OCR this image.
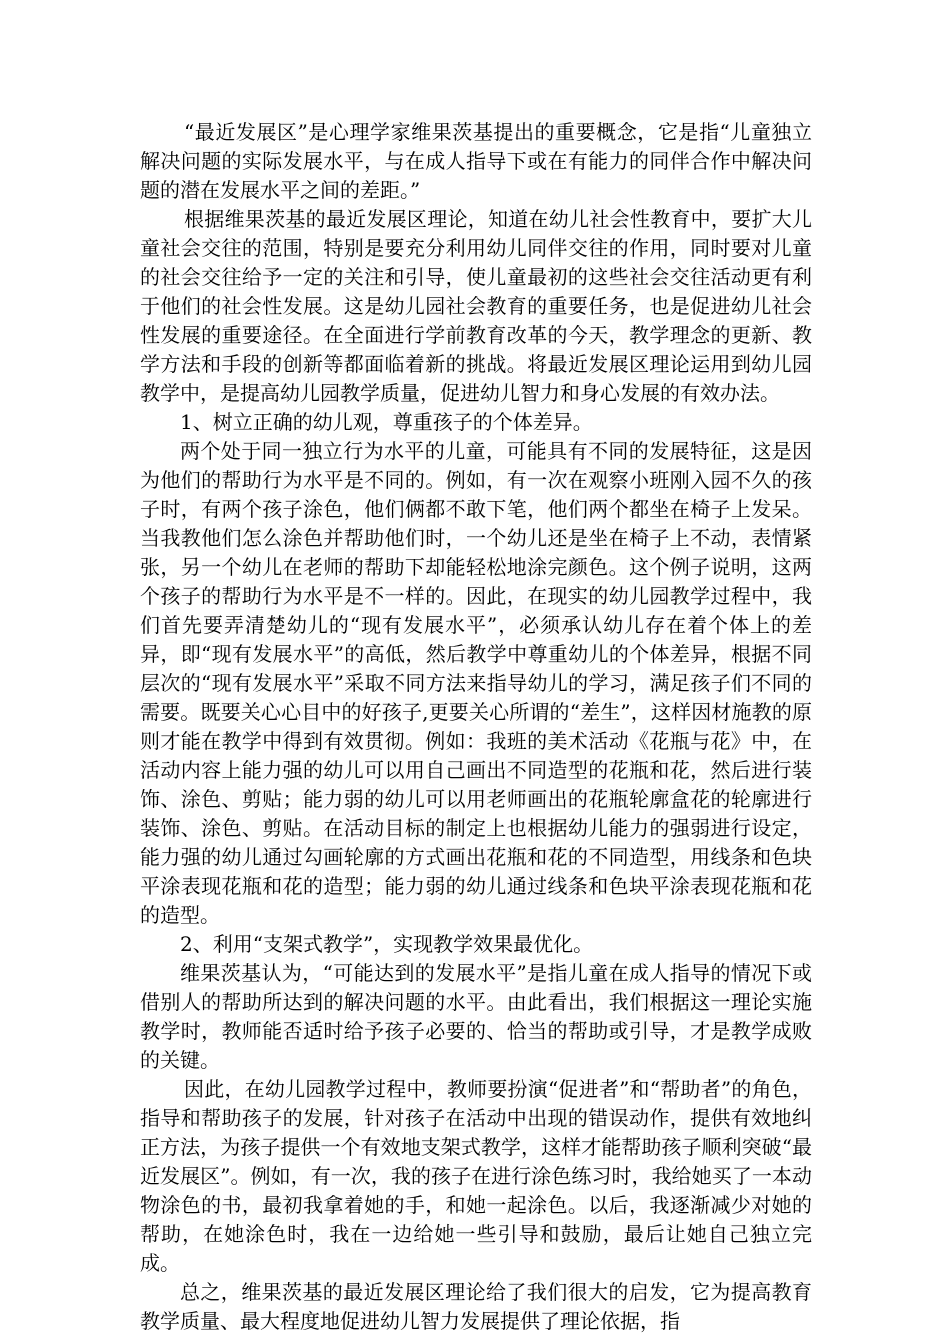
“最近发展区”是心理学家维果茨基提出的重要概念，它是指“儿童独立解决问题的实际发展水平，与在成人指导下或在有能力的同伴合作中解决问题的潜在发展水平之间的差距。”

根据维果茨基的最近发展区理论，知道在幼儿社会性教育中，要扩大儿童社会交往的范围，特别是要充分利用幼儿同伴交往的作用，同时要对儿童的社会交往给予一定的关注和引导，使儿童最初的这些社会交往活动更有利于他们的社会性发展。这是幼儿园社会教育的重要任务，也是促进幼儿社会性发展的重要途径。在全面进行学前教育改革的今天，教学理念的更新、教学方法和手段的创新等都面临着新的挑战。将最近发展区理论运用到幼儿园教学中，是提高幼儿园教学质量，促进幼儿智力和身心发展的有效办法。

1、树立正确的幼儿观，尊重孩子的个体差异。

两个处于同一独立行为水平的儿童，可能具有不同的发展特征，这是因为他们的帮助行为水平是不同的。例如，有一次在观察小班刚入园不久的孩子时，有两个孩子涂色，他们俩都不敢下笔，他们两个都坐在椅子上发呆。当我教他们怎么涂色并帮助他们时，一个幼儿还是坐在椅子上不动，表情紧张，另一个幼儿在老师的帮助下却能轻松地涂完颜色。这个例子说明，这两个孩子的帮助行为水平是不一样的。因此，在现实的幼儿园教学过程中，我们首先要弄清楚幼儿的“现有发展水平”，必须承认幼儿存在着个体上的差异，即“现有发展水平”的高低，然后教学中尊重幼儿的个体差异，根据不同层次的“现有发展水平”采取不同方法来指导幼儿的学习，满足孩子们不同的需要。既要关心心目中的好孩子,更要关心所谓的“差生”，这样因材施教的原则才能在教学中得到有效贯彻。例如：我班的美术活动《花瓶与花》中，在活动内容上能力强的幼儿可以用自己画出不同造型的花瓶和花，然后进行装饰、涂色、剪贴；能力弱的幼儿可以用老师画出的花瓶轮廓盒花的轮廓进行装饰、涂色、剪贴。在活动目标的制定上也根据幼儿能力的强弱进行设定，能力强的幼儿通过勾画轮廓的方式画出花瓶和花的不同造型，用线条和色块平涂表现花瓶和花的造型；能力弱的幼儿通过线条和色块平涂表现花瓶和花的造型。

2、利用“支架式教学”，实现教学效果最优化。

维果茨基认为，“可能达到的发展水平”是指儿童在成人指导的情况下或借别人的帮助所达到的解决问题的水平。由此看出，我们根据这一理论实施教学时，教师能否适时给予孩子必要的、恰当的帮助或引导，才是教学成败的关键。

因此，在幼儿园教学过程中，教师要扮演“促进者”和“帮助者”的角色，指导和帮助孩子的发展，针对孩子在活动中出现的错误动作，提供有效地纠正方法，为孩子提供一个有效地支架式教学，这样才能帮助孩子顺利突破“最近发展区”。例如，有一次，我的孩子在进行涂色练习时，我给她买了一本动物涂色的书，最初我拿着她的手，和她一起涂色。以后，我逐渐减少对她的帮助，在她涂色时，我在一边给她一些引导和鼓励，最后让她自己独立完成。

总之，维果茨基的最近发展区理论给了我们很大的启发，它为提高教育教学质量、最大程度地促进幼儿智力发展提供了理论依据，指
